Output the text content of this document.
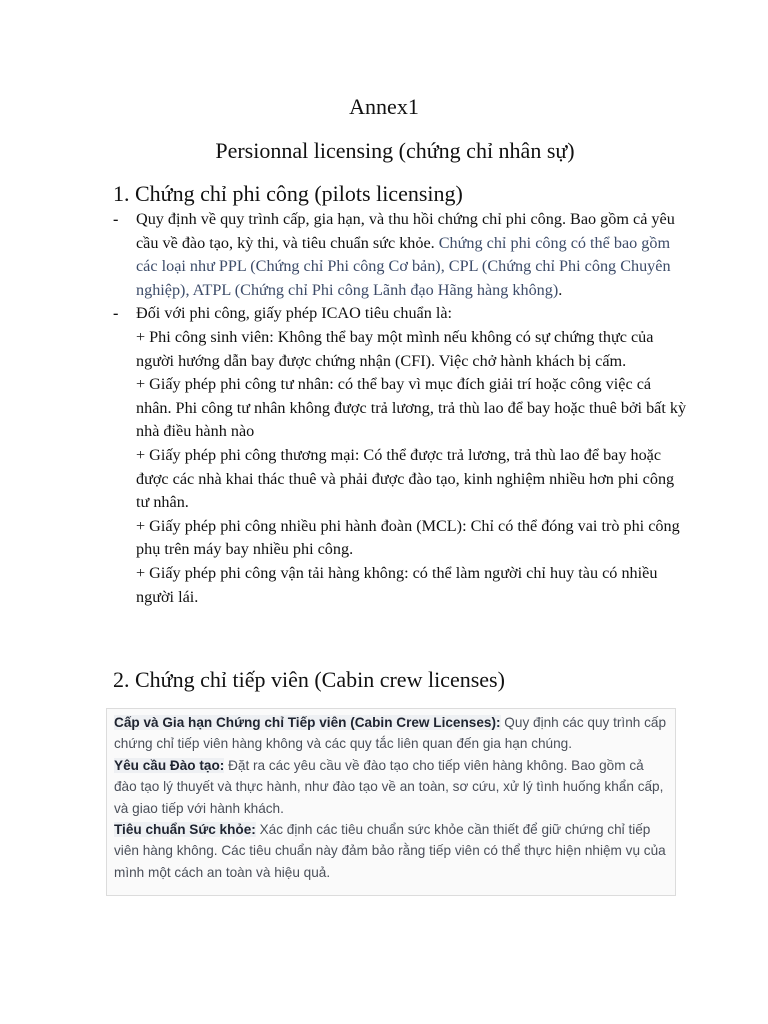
Annex1
Persionnal licensing (chứng chỉ nhân sự)
1. Chứng chỉ phi công (pilots licensing)
- Quy định về quy trình cấp, gia hạn, và thu hồi chứng chỉ phi công. Bao gồm cả yêu cầu về đào tạo, kỳ thi, và tiêu chuẩn sức khỏe. Chứng chỉ phi công có thể bao gồm các loại như PPL (Chứng chỉ Phi công Cơ bản), CPL (Chứng chỉ Phi công Chuyên nghiệp), ATPL (Chứng chỉ Phi công Lãnh đạo Hãng hàng không).
- Đối với phi công, giấy phép ICAO tiêu chuẩn là:
+ Phi công sinh viên: Không thể bay một mình nếu không có sự chứng thực của người hướng dẫn bay được chứng nhận (CFI). Việc chở hành khách bị cấm.
+ Giấy phép phi công tư nhân: có thể bay vì mục đích giải trí hoặc công việc cá nhân. Phi công tư nhân không được trả lương, trả thù lao để bay hoặc thuê bởi bất kỳ nhà điều hành nào
+ Giấy phép phi công thương mại: Có thể được trả lương, trả thù lao để bay hoặc được các nhà khai thác thuê và phải được đào tạo, kinh nghiệm nhiều hơn phi công tư nhân.
+ Giấy phép phi công nhiều phi hành đoàn (MCL): Chỉ có thể đóng vai trò phi công phụ trên máy bay nhiều phi công.
+ Giấy phép phi công vận tải hàng không: có thể làm người chỉ huy tàu có nhiều người lái.
2. Chứng chỉ tiếp viên (Cabin crew licenses)

Cấp và Gia hạn Chứng chỉ Tiếp viên (Cabin Crew Licenses): Quy định các quy trình cấp chứng chỉ tiếp viên hàng không và các quy tắc liên quan đến gia hạn chúng.

Yêu cầu Đào tạo: Đặt ra các yêu cầu về đào tạo cho tiếp viên hàng không. Bao gồm cả đào tạo lý thuyết và thực hành, như đào tạo về an toàn, sơ cứu, xử lý tình huống khẩn cấp, và giao tiếp với hành khách.

Tiêu chuẩn Sức khỏe: Xác định các tiêu chuẩn sức khỏe cần thiết để giữ chứng chỉ tiếp viên hàng không. Các tiêu chuẩn này đảm bảo rằng tiếp viên có thể thực hiện nhiệm vụ của mình một cách an toàn và hiệu quả.
